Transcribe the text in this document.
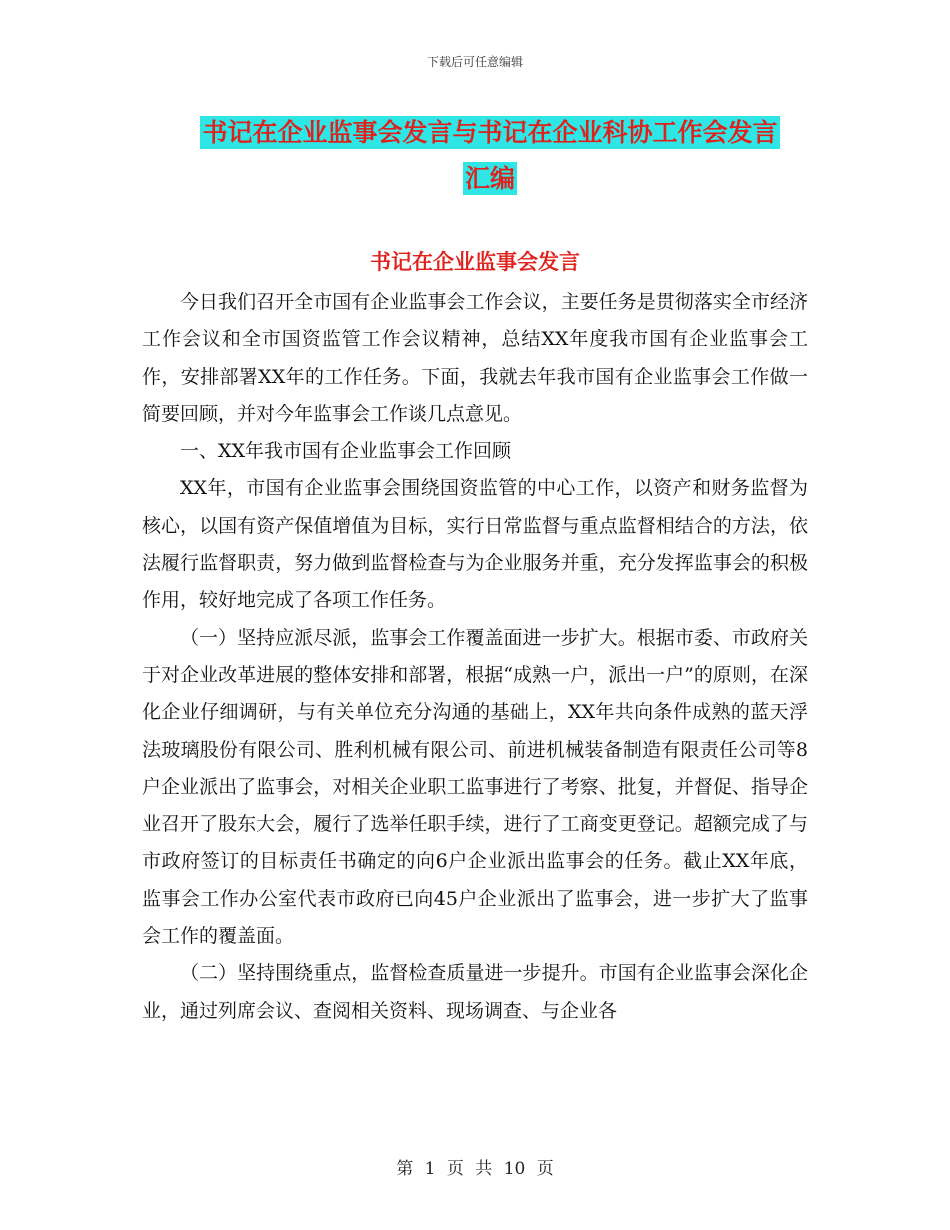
下载后可任意编辑
书记在企业监事会发言与书记在企业科协工作会发言
汇编
书记在企业监事会发言

今日我们召开全市国有企业监事会工作会议，主要任务是贯彻落实全市经济工作会议和全市国资监管工作会议精神，总结XX年度我市国有企业监事会工作，安排部署XX年的工作任务。下面，我就去年我市国有企业监事会工作做一简要回顾，并对今年监事会工作谈几点意见。

一、XX年我市国有企业监事会工作回顾

XX年，市国有企业监事会围绕国资监管的中心工作，以资产和财务监督为核心，以国有资产保值增值为目标，实行日常监督与重点监督相结合的方法，依法履行监督职责，努力做到监督检查与为企业服务并重，充分发挥监事会的积极作用，较好地完成了各项工作任务。

（一）坚持应派尽派，监事会工作覆盖面进一步扩大。根据市委、市政府关于对企业改革进展的整体安排和部署，根据“成熟一户，派出一户”的原则，在深化企业仔细调研，与有关单位充分沟通的基础上，XX年共向条件成熟的蓝天浮法玻璃股份有限公司、胜利机械有限公司、前进机械装备制造有限责任公司等8户企业派出了监事会，对相关企业职工监事进行了考察、批复，并督促、指导企业召开了股东大会，履行了选举任职手续，进行了工商变更登记。超额完成了与市政府签订的目标责任书确定的向6户企业派出监事会的任务。截止XX年底，监事会工作办公室代表市政府已向45户企业派出了监事会，进一步扩大了监事会工作的覆盖面。

（二）坚持围绕重点，监督检查质量进一步提升。市国有企业监事会深化企业，通过列席会议、查阅相关资料、现场调查、与企业各

第 1 页 共 10 页
